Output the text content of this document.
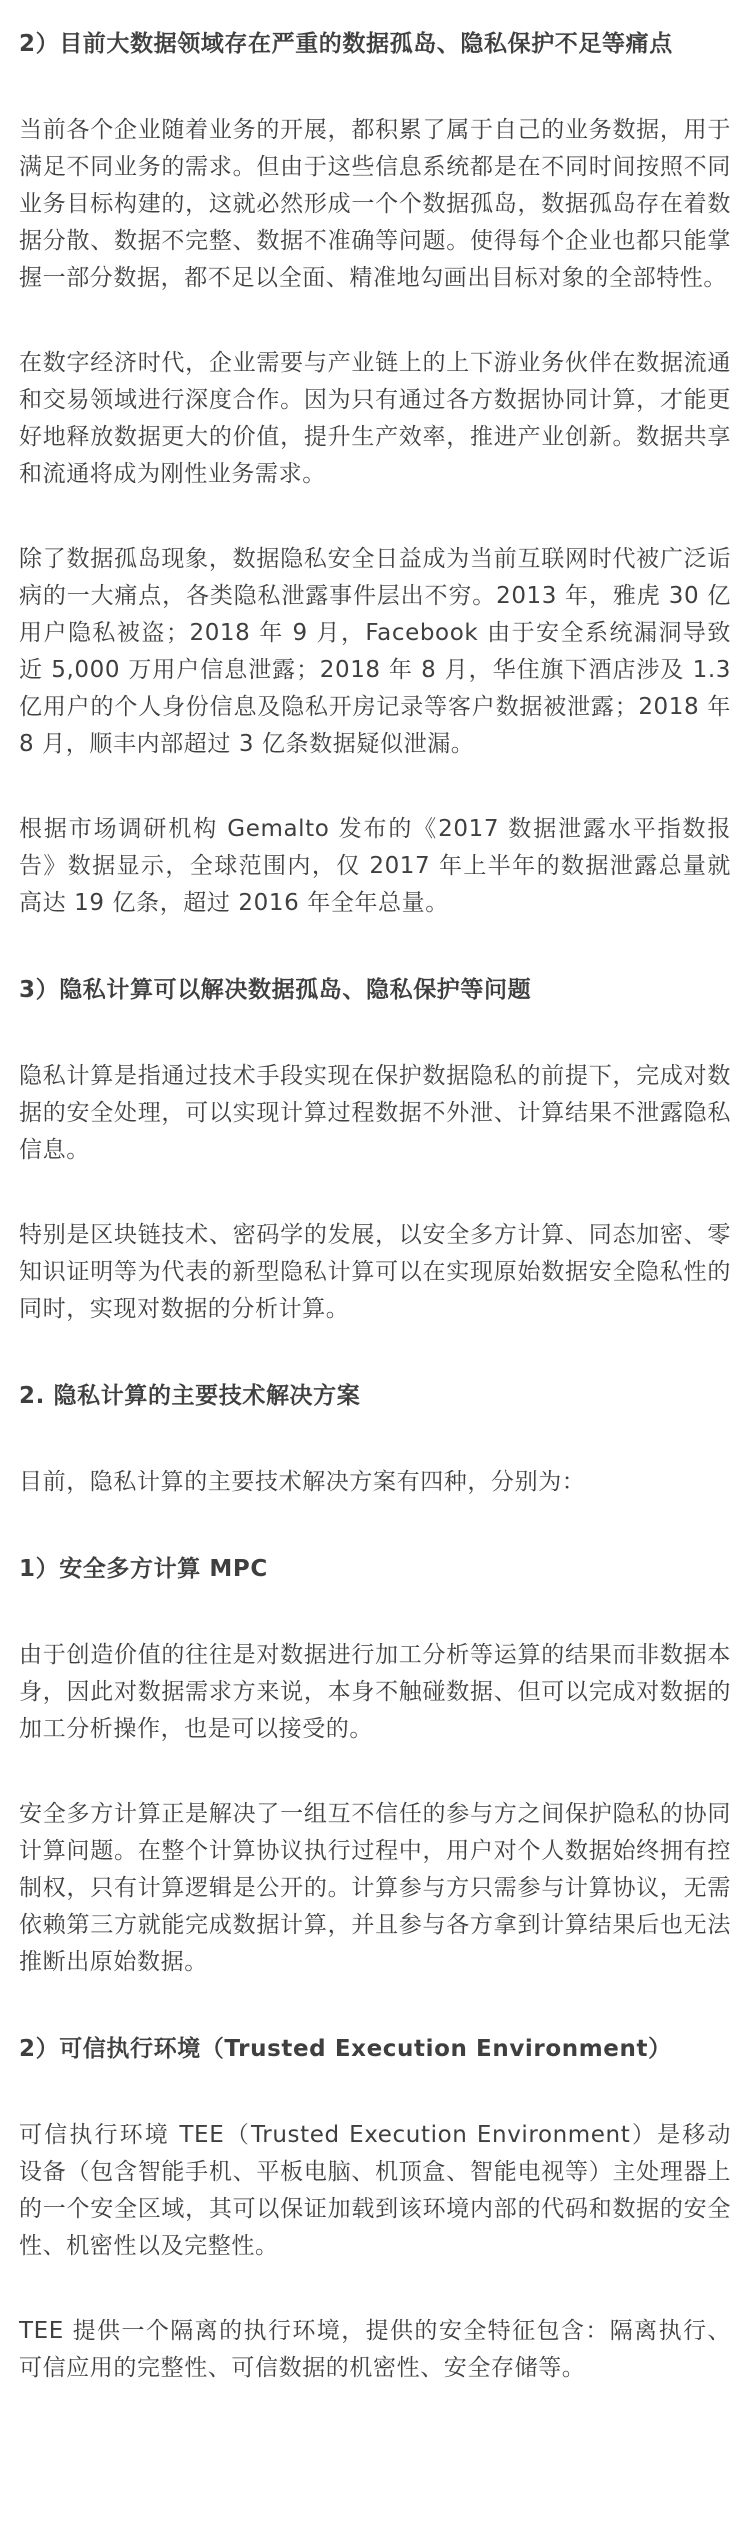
2）目前大数据领域存在严重的数据孤岛、隐私保护不足等痛点

当前各个企业随着业务的开展，都积累了属于自己的业务数据，用于满足不同业务的需求。但由于这些信息系统都是在不同时间按照不同业务目标构建的，这就必然形成一个个数据孤岛，数据孤岛存在着数据分散、数据不完整、数据不准确等问题。使得每个企业也都只能掌握一部分数据，都不足以全面、精准地勾画出目标对象的全部特性。

在数字经济时代，企业需要与产业链上的上下游业务伙伴在数据流通和交易领域进行深度合作。因为只有通过各方数据协同计算，才能更好地释放数据更大的价值，提升生产效率，推进产业创新。数据共享和流通将成为刚性业务需求。

除了数据孤岛现象，数据隐私安全日益成为当前互联网时代被广泛诟病的一大痛点，各类隐私泄露事件层出不穷。2013 年，雅虎 30 亿用户隐私被盗；2018 年 9 月，Facebook 由于安全系统漏洞导致近 5,000 万用户信息泄露；2018 年 8 月，华住旗下酒店涉及 1.3 亿用户的个人身份信息及隐私开房记录等客户数据被泄露；2018 年 8 月，顺丰内部超过 3 亿条数据疑似泄漏。

根据市场调研机构 Gemalto 发布的《2017 数据泄露水平指数报告》数据显示，全球范围内，仅 2017 年上半年的数据泄露总量就高达 19 亿条，超过 2016 年全年总量。

3）隐私计算可以解决数据孤岛、隐私保护等问题

隐私计算是指通过技术手段实现在保护数据隐私的前提下，完成对数据的安全处理，可以实现计算过程数据不外泄、计算结果不泄露隐私信息。

特别是区块链技术、密码学的发展，以安全多方计算、同态加密、零知识证明等为代表的新型隐私计算可以在实现原始数据安全隐私性的同时，实现对数据的分析计算。

2. 隐私计算的主要技术解决方案

目前，隐私计算的主要技术解决方案有四种，分别为：

1）安全多方计算 MPC

由于创造价值的往往是对数据进行加工分析等运算的结果而非数据本身，因此对数据需求方来说，本身不触碰数据、但可以完成对数据的加工分析操作，也是可以接受的。

安全多方计算正是解决了一组互不信任的参与方之间保护隐私的协同计算问题。在整个计算协议执行过程中，用户对个人数据始终拥有控制权，只有计算逻辑是公开的。计算参与方只需参与计算协议，无需依赖第三方就能完成数据计算，并且参与各方拿到计算结果后也无法推断出原始数据。

2）可信执行环境（Trusted Execution Environment）

可信执行环境 TEE（Trusted Execution Environment）是移动设备（包含智能手机、平板电脑、机顶盒、智能电视等）主处理器上的一个安全区域，其可以保证加载到该环境内部的代码和数据的安全性、机密性以及完整性。

TEE 提供一个隔离的执行环境，提供的安全特征包含：隔离执行、可信应用的完整性、可信数据的机密性、安全存储等。
